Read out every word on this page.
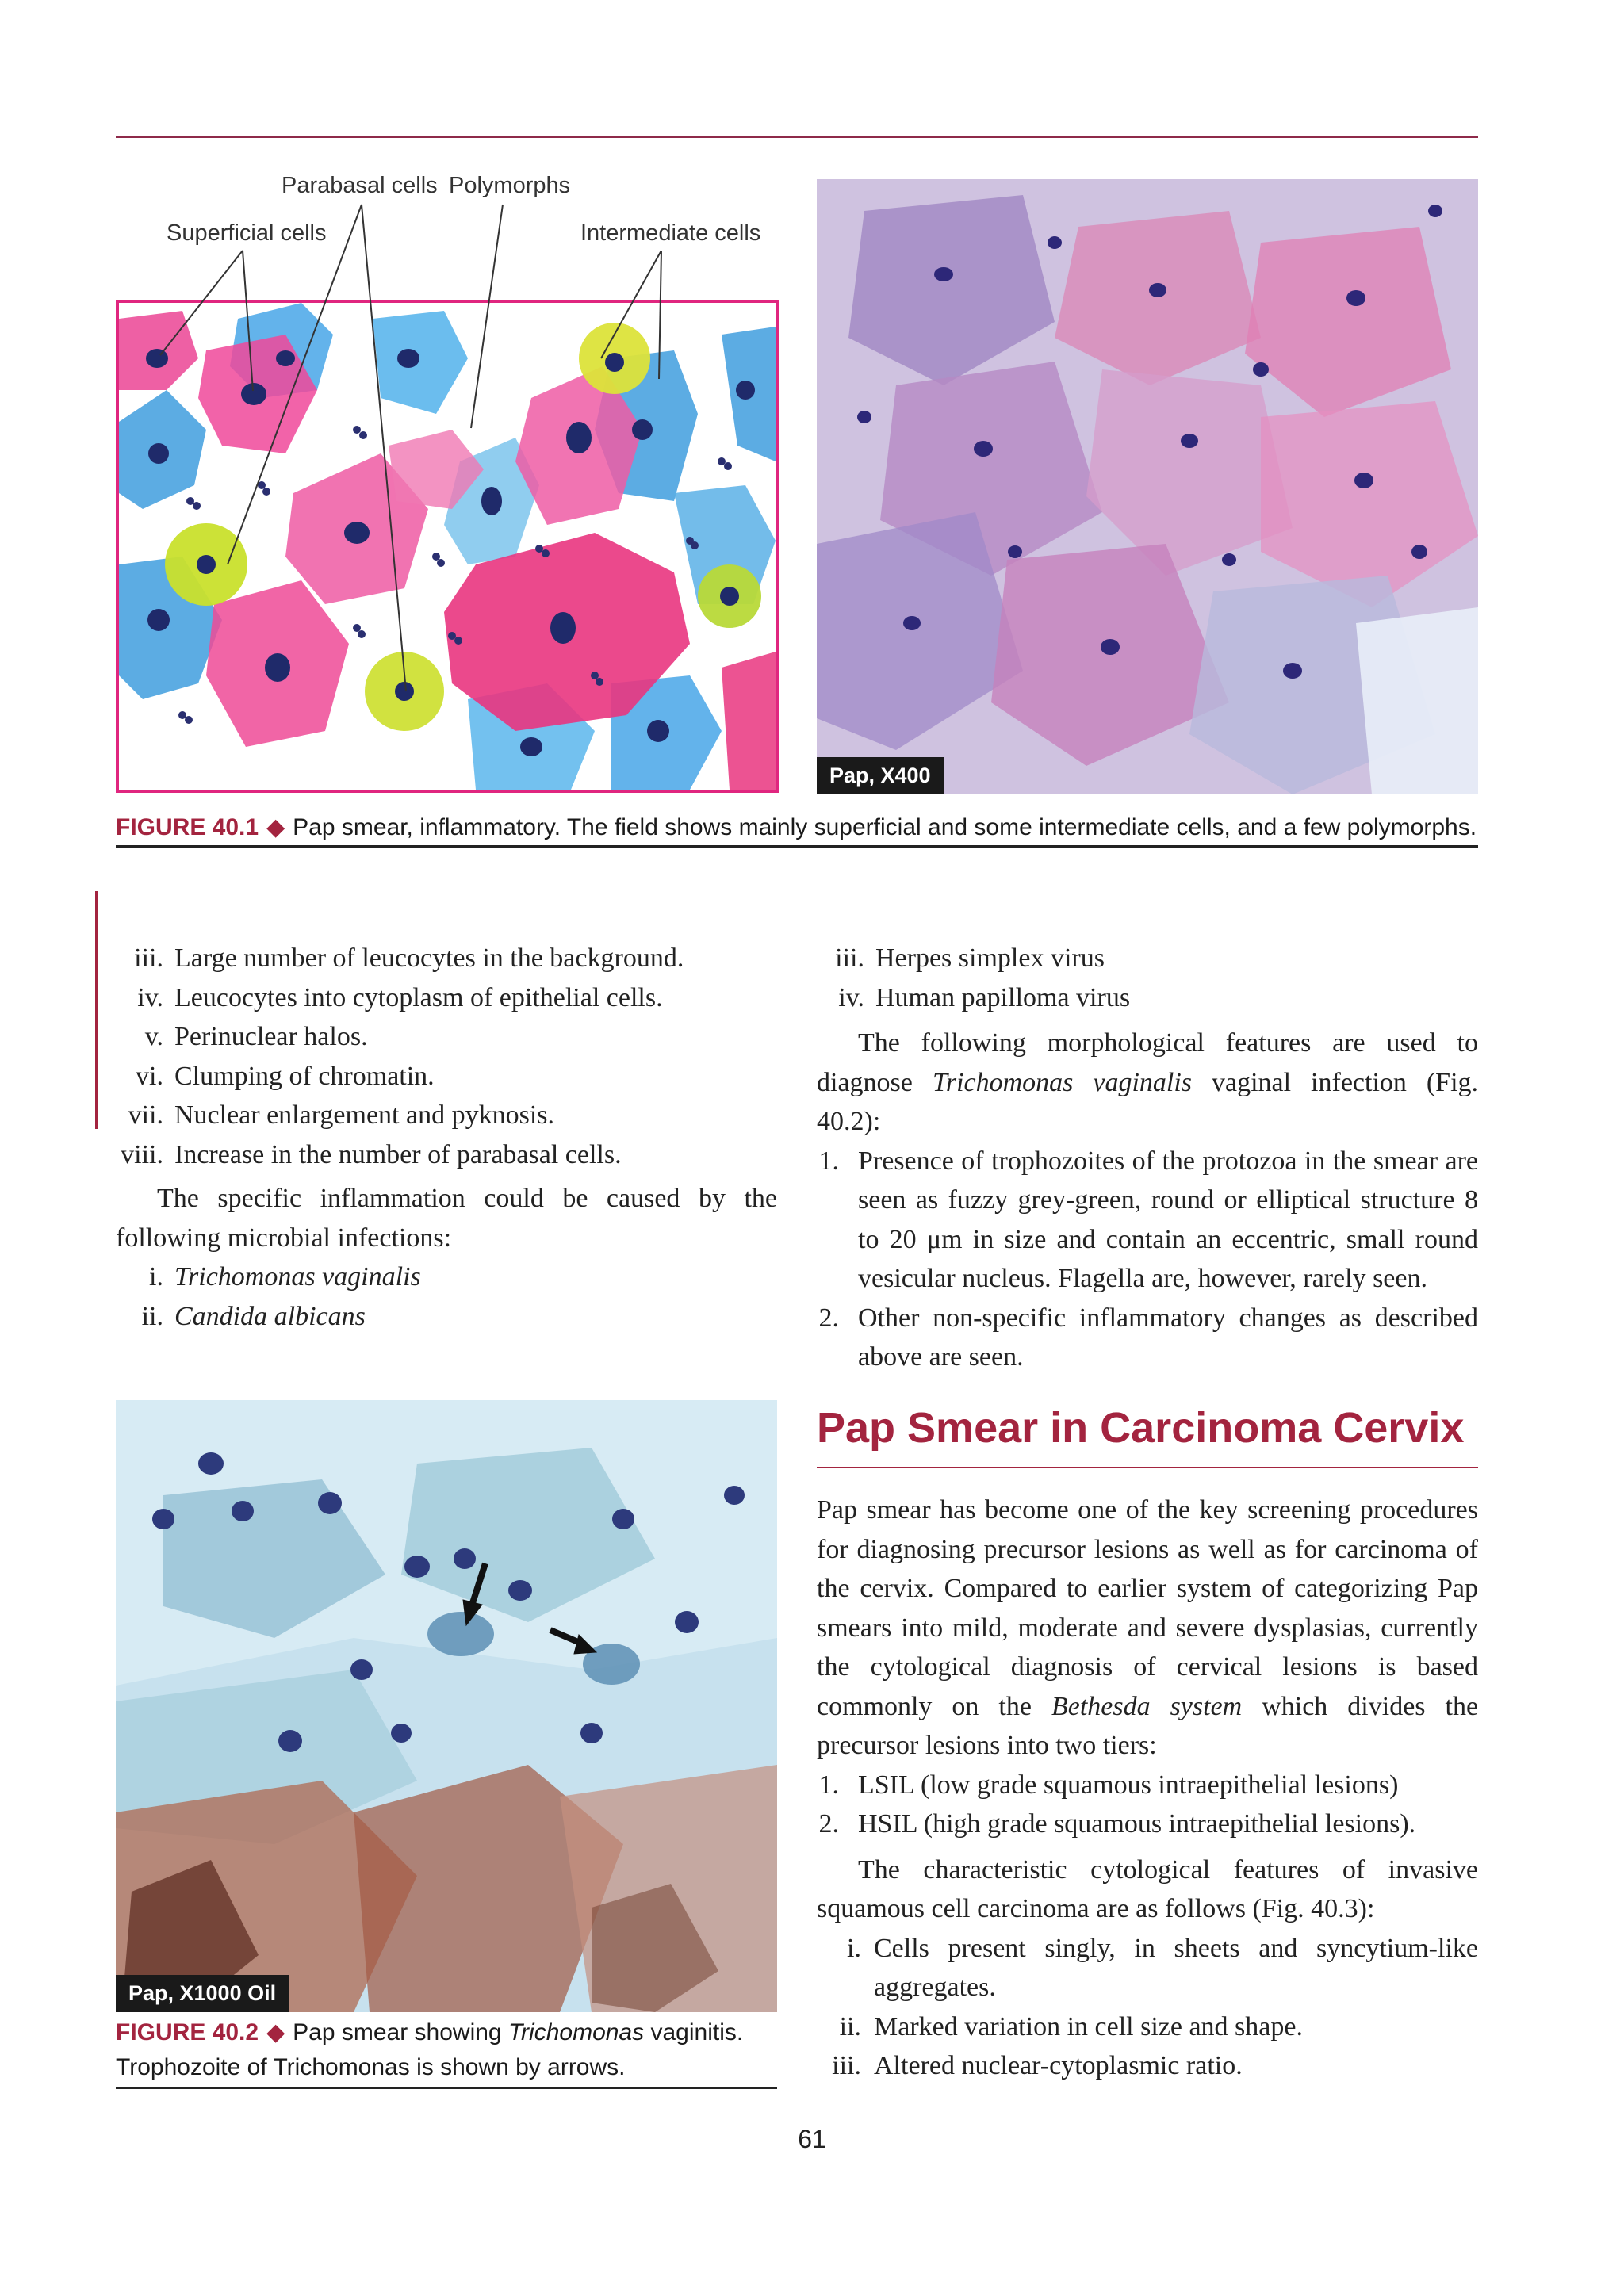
Parabasal cells Polymorphs
Superficial cells	Intermediate cells
Pap, X400
FIGURE 40.1 ◆ Pap smear, inflammatory. The field shows mainly superficial and some intermediate cells, and a few polymorphs.
iii. Large number of leucocytes in the background.
iv. Leucocytes into cytoplasm of epithelial cells.
v. Perinuclear halos.
vi. Clumping of chromatin.
vii. Nuclear enlargement and pyknosis.
viii. Increase in the number of parabasal cells.

The specific inflammation could be caused by the following microbial infections:

i. Trichomonas vaginalis
ii. Candida albicans
iii. Herpes simplex virus
iv. Human papilloma virus

The following morphological features are used to diagnose Trichomonas vaginalis vaginal infection (Fig. 40.2):

1. Presence of trophozoites of the protozoa in the smear are seen as fuzzy grey-green, round or elliptical structure 8 to 20 μm in size and contain an eccentric, small round vesicular nucleus. Flagella are, however, rarely seen.
2. Other non-specific inflammatory changes as described above are seen.
Pap, X1000 Oil
FIGURE 40.2 ◆ Pap smear showing Trichomonas vaginitis. Trophozoite of Trichomonas is shown by arrows.
Pap Smear in Carcinoma Cervix

Pap smear has become one of the key screening procedures for diagnosing precursor lesions as well as for carcinoma of the cervix. Compared to earlier system of categorizing Pap smears into mild, moderate and severe dysplasias, currently the cytological diagnosis of cervical lesions is based commonly on the Bethesda system which divides the precursor lesions into two tiers:

1. LSIL (low grade squamous intraepithelial lesions)
2. HSIL (high grade squamous intraepithelial lesions).

The characteristic cytological features of invasive squamous cell carcinoma are as follows (Fig. 40.3):

i. Cells present singly, in sheets and syncytium-like aggregates.
ii. Marked variation in cell size and shape.
iii. Altered nuclear-cytoplasmic ratio.
61
